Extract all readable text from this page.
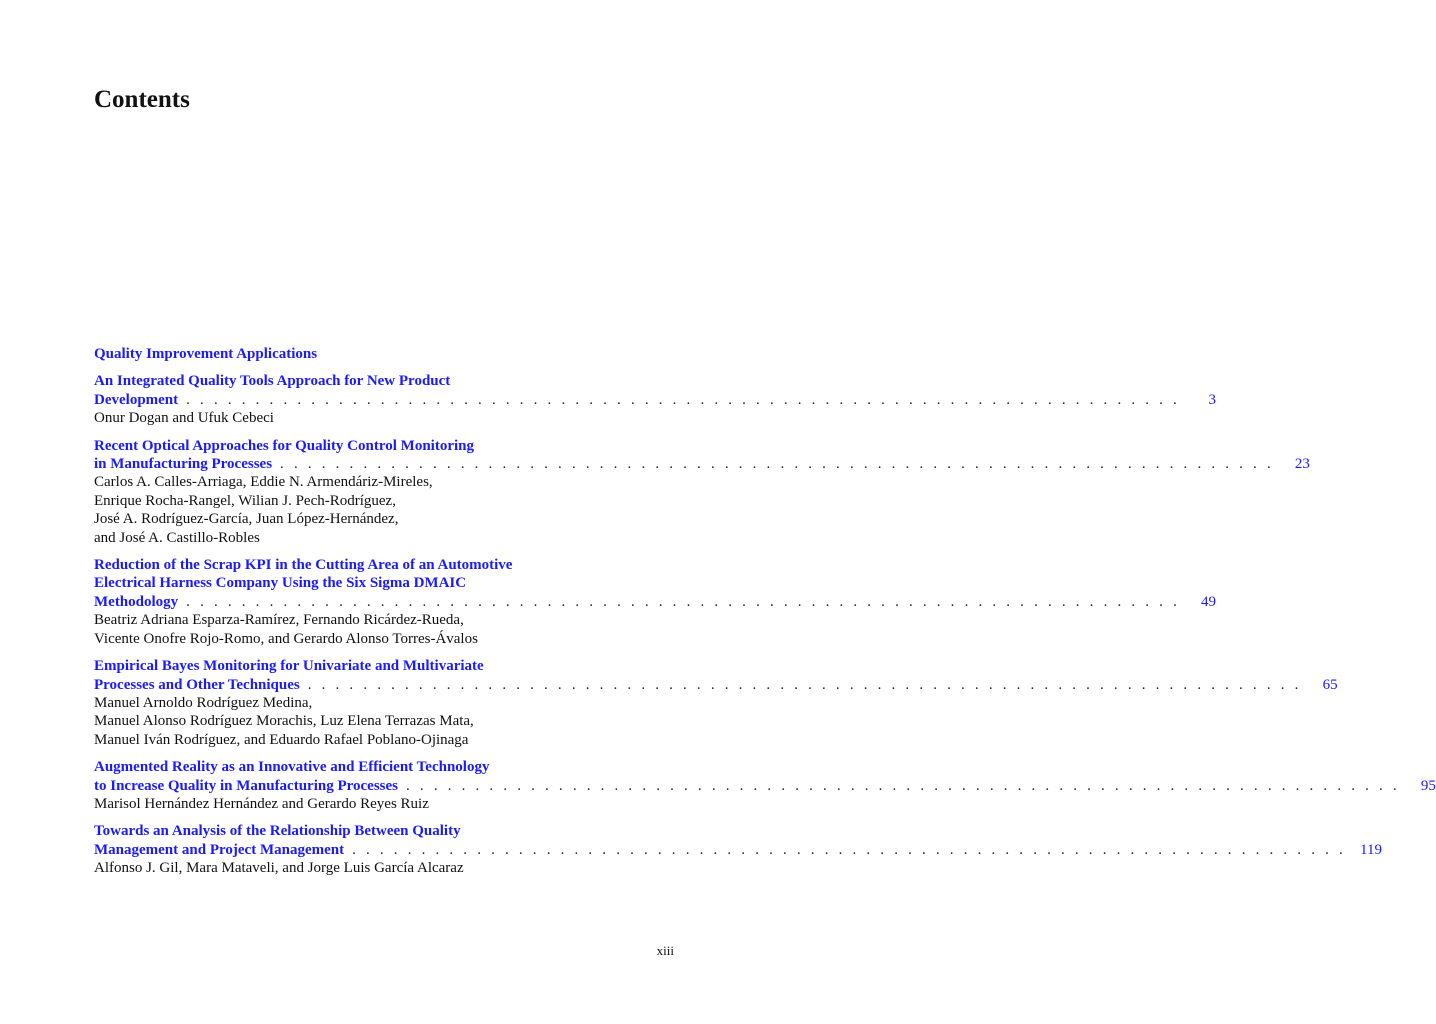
Contents
Quality Improvement Applications
An Integrated Quality Tools Approach for New Product
Development . . . . . . . . . . . . . . . . . . . . . . . . . . . . . . . . . . . . . . . . . . . . . . . . . . . . . . . . . . . . . . . . . . . . . . . .	3
Onur Dogan and Ufuk Cebeci
Recent Optical Approaches for Quality Control Monitoring
in Manufacturing Processes . . . . . . . . . . . . . . . . . . . . . . . . . . . . . . . . . . . . . . . . . . . . . . . . . . . . . . . . . . . . . . . . . . . . . . . .	23
Carlos A. Calles-Arriaga, Eddie N. Armendáriz-Mireles,
Enrique Rocha-Rangel, Wilian J. Pech-Rodríguez,
José A. Rodríguez-García, Juan López-Hernández,
and José A. Castillo-Robles
Reduction of the Scrap KPI in the Cutting Area of an Automotive
Electrical Harness Company Using the Six Sigma DMAIC
Methodology . . . . . . . . . . . . . . . . . . . . . . . . . . . . . . . . . . . . . . . . . . . . . . . . . . . . . . . . . . . . . . . . . . . . . . . .	49
Beatriz Adriana Esparza-Ramírez, Fernando Ricárdez-Rueda,
Vicente Onofre Rojo-Romo, and Gerardo Alonso Torres-Ávalos
Empirical Bayes Monitoring for Univariate and Multivariate
Processes and Other Techniques . . . . . . . . . . . . . . . . . . . . . . . . . . . . . . . . . . . . . . . . . . . . . . . . . . . . . . . . . . . . . . . . . . . . . . . .	65
Manuel Arnoldo Rodríguez Medina,
Manuel Alonso Rodríguez Morachis, Luz Elena Terrazas Mata,
Manuel Iván Rodríguez, and Eduardo Rafael Poblano-Ojinaga
Augmented Reality as an Innovative and Efficient Technology
to Increase Quality in Manufacturing Processes . . . . . . . . . . . . . . . . . . . . . . . . . . . . . . . . . . . . . . . . . . . . . . . . . . . . . . . . . . . . . . . . . . . . . . . .	95
Marisol Hernández Hernández and Gerardo Reyes Ruiz
Towards an Analysis of the Relationship Between Quality
Management and Project Management . . . . . . . . . . . . . . . . . . . . . . . . . . . . . . . . . . . . . . . . . . . . . . . . . . . . . . . . . . . . . . . . . . . . . . . . 119
Alfonso J. Gil, Mara Mataveli, and Jorge Luis García Alcaraz
xiii
